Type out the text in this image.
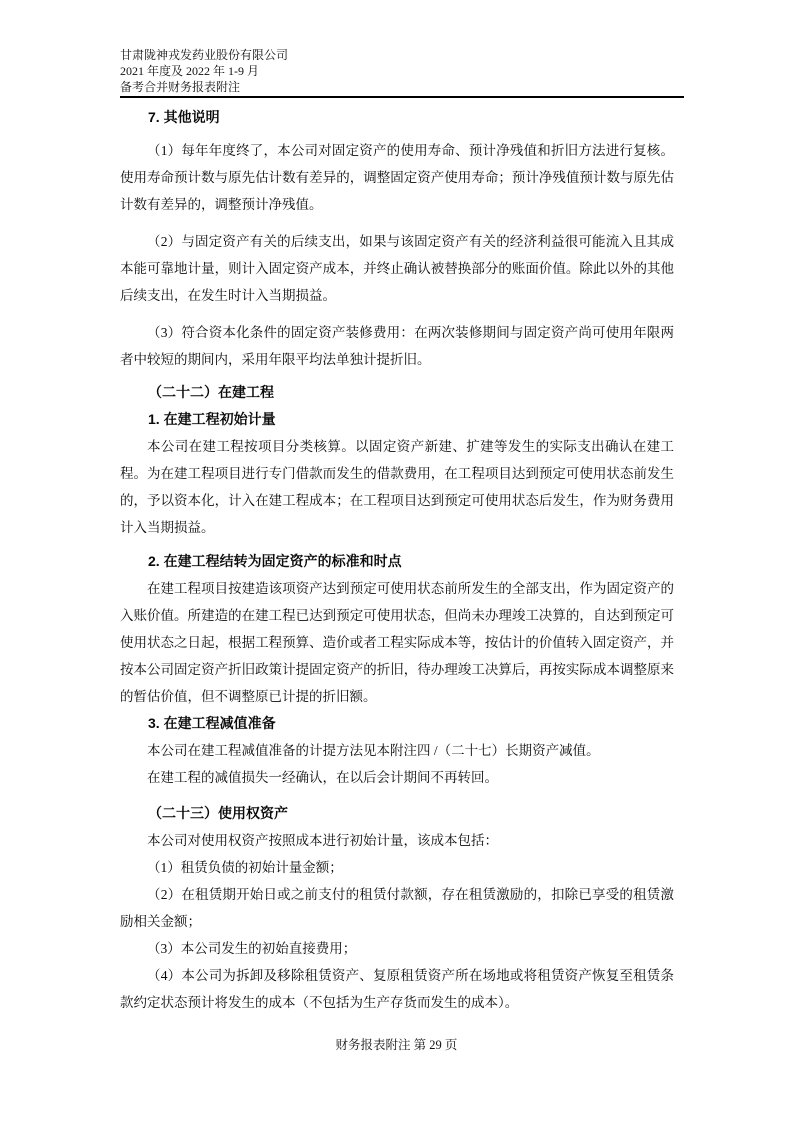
甘肃陇神戎发药业股份有限公司
2021 年度及 2022 年 1-9 月
备考合并财务报表附注
7. 其他说明

（1）每年年度终了，本公司对固定资产的使用寿命、预计净残值和折旧方法进行复核。使用寿命预计数与原先估计数有差异的，调整固定资产使用寿命；预计净残值预计数与原先估计数有差异的，调整预计净残值。

（2）与固定资产有关的后续支出，如果与该固定资产有关的经济利益很可能流入且其成本能可靠地计量，则计入固定资产成本，并终止确认被替换部分的账面价值。除此以外的其他后续支出，在发生时计入当期损益。

（3）符合资本化条件的固定资产装修费用：在两次装修期间与固定资产尚可使用年限两者中较短的期间内，采用年限平均法单独计提折旧。

（二十二）在建工程
1. 在建工程初始计量

本公司在建工程按项目分类核算。以固定资产新建、扩建等发生的实际支出确认在建工程。为在建工程项目进行专门借款而发生的借款费用，在工程项目达到预定可使用状态前发生的，予以资本化，计入在建工程成本；在工程项目达到预定可使用状态后发生，作为财务费用计入当期损益。

2. 在建工程结转为固定资产的标准和时点

在建工程项目按建造该项资产达到预定可使用状态前所发生的全部支出，作为固定资产的入账价值。所建造的在建工程已达到预定可使用状态，但尚未办理竣工决算的，自达到预定可使用状态之日起，根据工程预算、造价或者工程实际成本等，按估计的价值转入固定资产，并按本公司固定资产折旧政策计提固定资产的折旧，待办理竣工决算后，再按实际成本调整原来的暂估价值，但不调整原已计提的折旧额。

3. 在建工程减值准备

本公司在建工程减值准备的计提方法见本附注四 /（二十七）长期资产减值。

在建工程的减值损失一经确认，在以后会计期间不再转回。

（二十三）使用权资产

本公司对使用权资产按照成本进行初始计量，该成本包括：

（1）租赁负债的初始计量金额；

（2）在租赁期开始日或之前支付的租赁付款额，存在租赁激励的，扣除已享受的租赁激励相关金额；

（3）本公司发生的初始直接费用；

（4）本公司为拆卸及移除租赁资产、复原租赁资产所在场地或将租赁资产恢复至租赁条款约定状态预计将发生的成本（不包括为生产存货而发生的成本）。

财务报表附注 第 29 页
